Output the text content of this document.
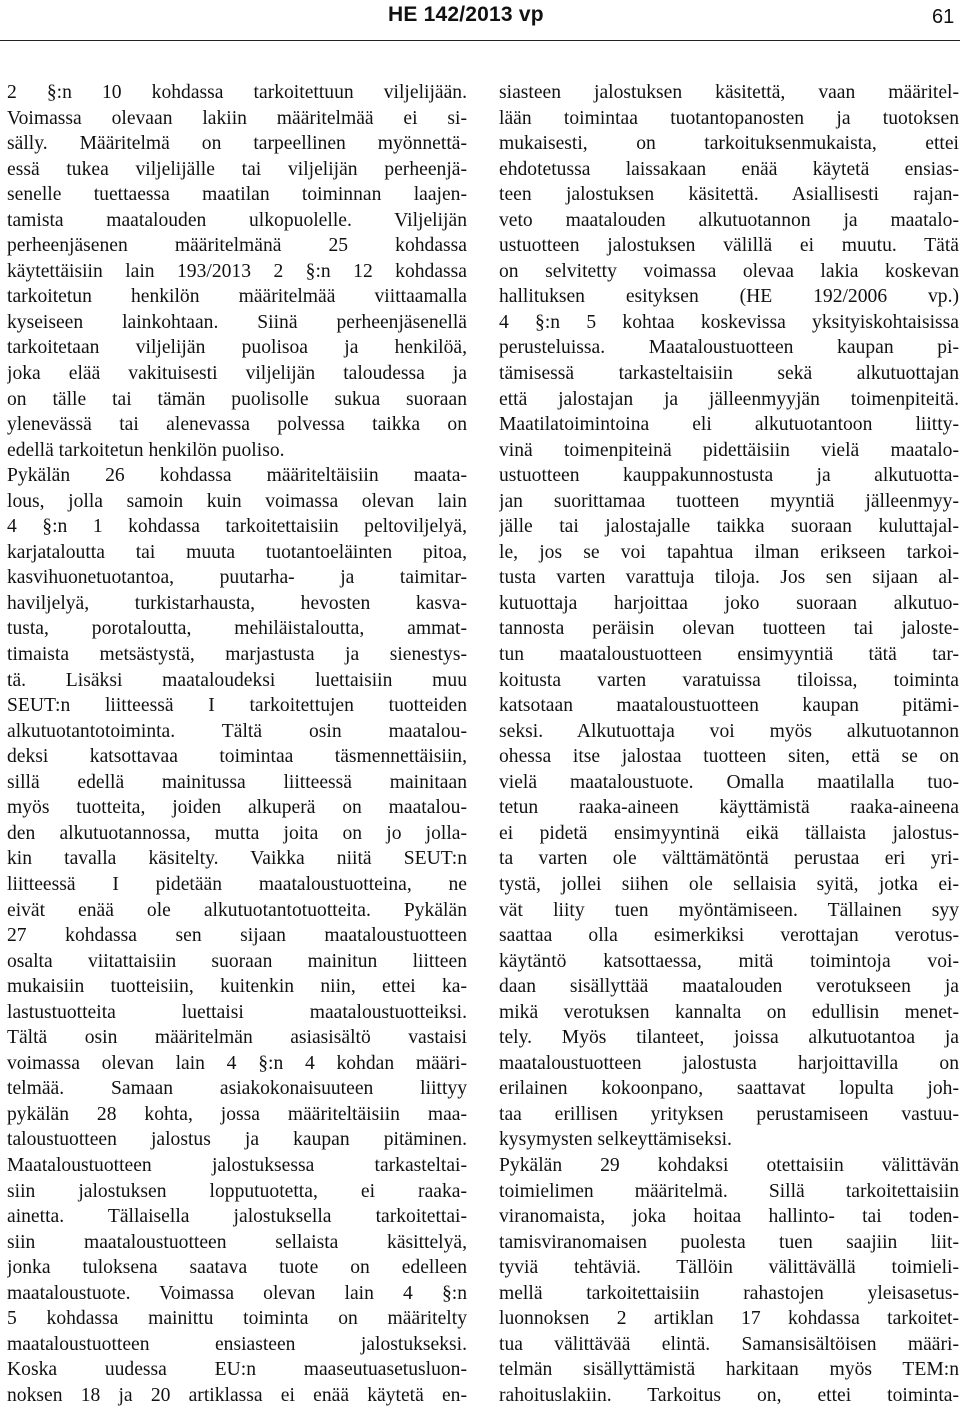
HE 142/2013 vp	61
2 §:n 10 kohdassa tarkoitettuun viljelijään.
Voimassa olevaan lakiin määritelmää ei si-
sälly. Määritelmä on tarpeellinen myönnettä-
essä tukea viljelijälle tai viljelijän perheenjä-
senelle tuettaessa maatilan toiminnan laajen-
tamista maatalouden ulkopuolelle. Viljelijän
perheenjäsenen määritelmänä 25 kohdassa
käytettäisiin lain 193/2013 2 §:n 12 kohdassa
tarkoitetun henkilön määritelmää viittaamalla
kyseiseen lainkohtaan. Siinä perheenjäsenellä
tarkoitetaan viljelijän puolisoa ja henkilöä,
joka elää vakituisesti viljelijän taloudessa ja
on tälle tai tämän puolisolle sukua suoraan
ylenevässä tai alenevassa polvessa taikka on
edellä tarkoitetun henkilön puoliso.
Pykälän 26 kohdassa määriteltäisiin maata-
lous, jolla samoin kuin voimassa olevan lain
4 §:n 1 kohdassa tarkoitettaisiin peltoviljelyä,
karjataloutta tai muuta tuotantoeläinten pitoa,
kasvihuonetuotantoa, puutarha- ja taimitar-
haviljelyä, turkistarhausta, hevosten kasva-
tusta, porotaloutta, mehiläistaloutta, ammat-
timaista metsästystä, marjastusta ja sienestys-
tä. Lisäksi maataloudeksi luettaisiin muu
SEUT:n liitteessä I tarkoitettujen tuotteiden
alkutuotantotoiminta. Tältä osin maatalou-
deksi katsottavaa toimintaa täsmennettäisiin,
sillä edellä mainitussa liitteessä mainitaan
myös tuotteita, joiden alkuperä on maatalou-
den alkutuotannossa, mutta joita on jo jolla-
kin tavalla käsitelty. Vaikka niitä SEUT:n
liitteessä I pidetään maataloustuotteina, ne
eivät enää ole alkutuotantotuotteita. Pykälän
27 kohdassa sen sijaan maataloustuotteen
osalta viitattaisiin suoraan mainitun liitteen
mukaisiin tuotteisiin, kuitenkin niin, ettei ka-
lastustuotteita luettaisi maataloustuotteiksi.
Tältä osin määritelmän asiasisältö vastaisi
voimassa olevan lain 4 §:n 4 kohdan määri-
telmää. Samaan asiakokonaisuuteen liittyy
pykälän 28 kohta, jossa määriteltäisiin maa-
taloustuotteen jalostus ja kaupan pitäminen.
Maataloustuotteen jalostuksessa tarkasteltai-
siin jalostuksen lopputuotetta, ei raaka-
ainetta. Tällaisella jalostuksella tarkoitettai-
siin maataloustuotteen sellaista käsittelyä,
jonka tuloksena saatava tuote on edelleen
maataloustuote. Voimassa olevan lain 4 §:n
5 kohdassa mainittu toiminta on määritelty
maataloustuotteen ensiasteen jalostukseksi.
Koska uudessa EU:n maaseutuasetusluon-
noksen 18 ja 20 artiklassa ei enää käytetä en-
siasteen jalostuksen käsitettä, vaan määritel-
lään toimintaa tuotantopanosten ja tuotoksen
mukaisesti, on tarkoituksenmukaista, ettei
ehdotetussa laissakaan enää käytetä ensias-
teen jalostuksen käsitettä. Asiallisesti rajan-
veto maatalouden alkutuotannon ja maatalo-
ustuotteen jalostuksen välillä ei muutu. Tätä
on selvitetty voimassa olevaa lakia koskevan
hallituksen esityksen (HE 192/2006 vp.)
4 §:n 5 kohtaa koskevissa yksityiskohtaisissa
perusteluissa. Maataloustuotteen kaupan pi-
tämisessä tarkasteltaisiin sekä alkutuottajan
että jalostajan ja jälleenmyyjän toimenpiteitä.
Maatilatoimintoina eli alkutuotantoon liitty-
vinä toimenpiteinä pidettäisiin vielä maatalo-
ustuotteen kauppakunnostusta ja alkutuotta-
jan suorittamaa tuotteen myyntiä jälleenmyy-
jälle tai jalostajalle taikka suoraan kuluttajal-
le, jos se voi tapahtua ilman erikseen tarkoi-
tusta varten varattuja tiloja. Jos sen sijaan al-
kutuottaja harjoittaa joko suoraan alkutuo-
tannosta peräisin olevan tuotteen tai jaloste-
tun maataloustuotteen ensimyyntiä tätä tar-
koitusta varten varatuissa tiloissa, toiminta
katsotaan maataloustuotteen kaupan pitämi-
seksi. Alkutuottaja voi myös alkutuotannon
ohessa itse jalostaa tuotteen siten, että se on
vielä maataloustuote. Omalla maatilalla tuo-
tetun raaka-aineen käyttämistä raaka-aineena
ei pidetä ensimyyntinä eikä tällaista jalostus-
ta varten ole välttämätöntä perustaa eri yri-
tystä, jollei siihen ole sellaisia syitä, jotka ei-
vät liity tuen myöntämiseen. Tällainen syy
saattaa olla esimerkiksi verottajan verotus-
käytäntö katsottaessa, mitä toimintoja voi-
daan sisällyttää maatalouden verotukseen ja
mikä verotuksen kannalta on edullisin menet-
tely. Myös tilanteet, joissa alkutuotantoa ja
maataloustuotteen jalostusta harjoittavilla on
erilainen kokoonpano, saattavat lopulta joh-
taa erillisen yrityksen perustamiseen vastuu-
kysymysten selkeyttämiseksi.
Pykälän 29 kohdaksi otettaisiin välittävän
toimielimen määritelmä. Sillä tarkoitettaisiin
viranomaista, joka hoitaa hallinto- tai toden-
tamisviranomaisen puolesta tuen saajiin liit-
tyviä tehtäviä. Tällöin välittävällä toimieli-
mellä tarkoitettaisiin rahastojen yleisasetus-
luonnoksen 2 artiklan 17 kohdassa tarkoitet-
tua välittävää elintä. Samansisältöisen määri-
telmän sisällyttämistä harkitaan myös TEM:n
rahoituslakiin. Tarkoitus on, ettei toiminta-
